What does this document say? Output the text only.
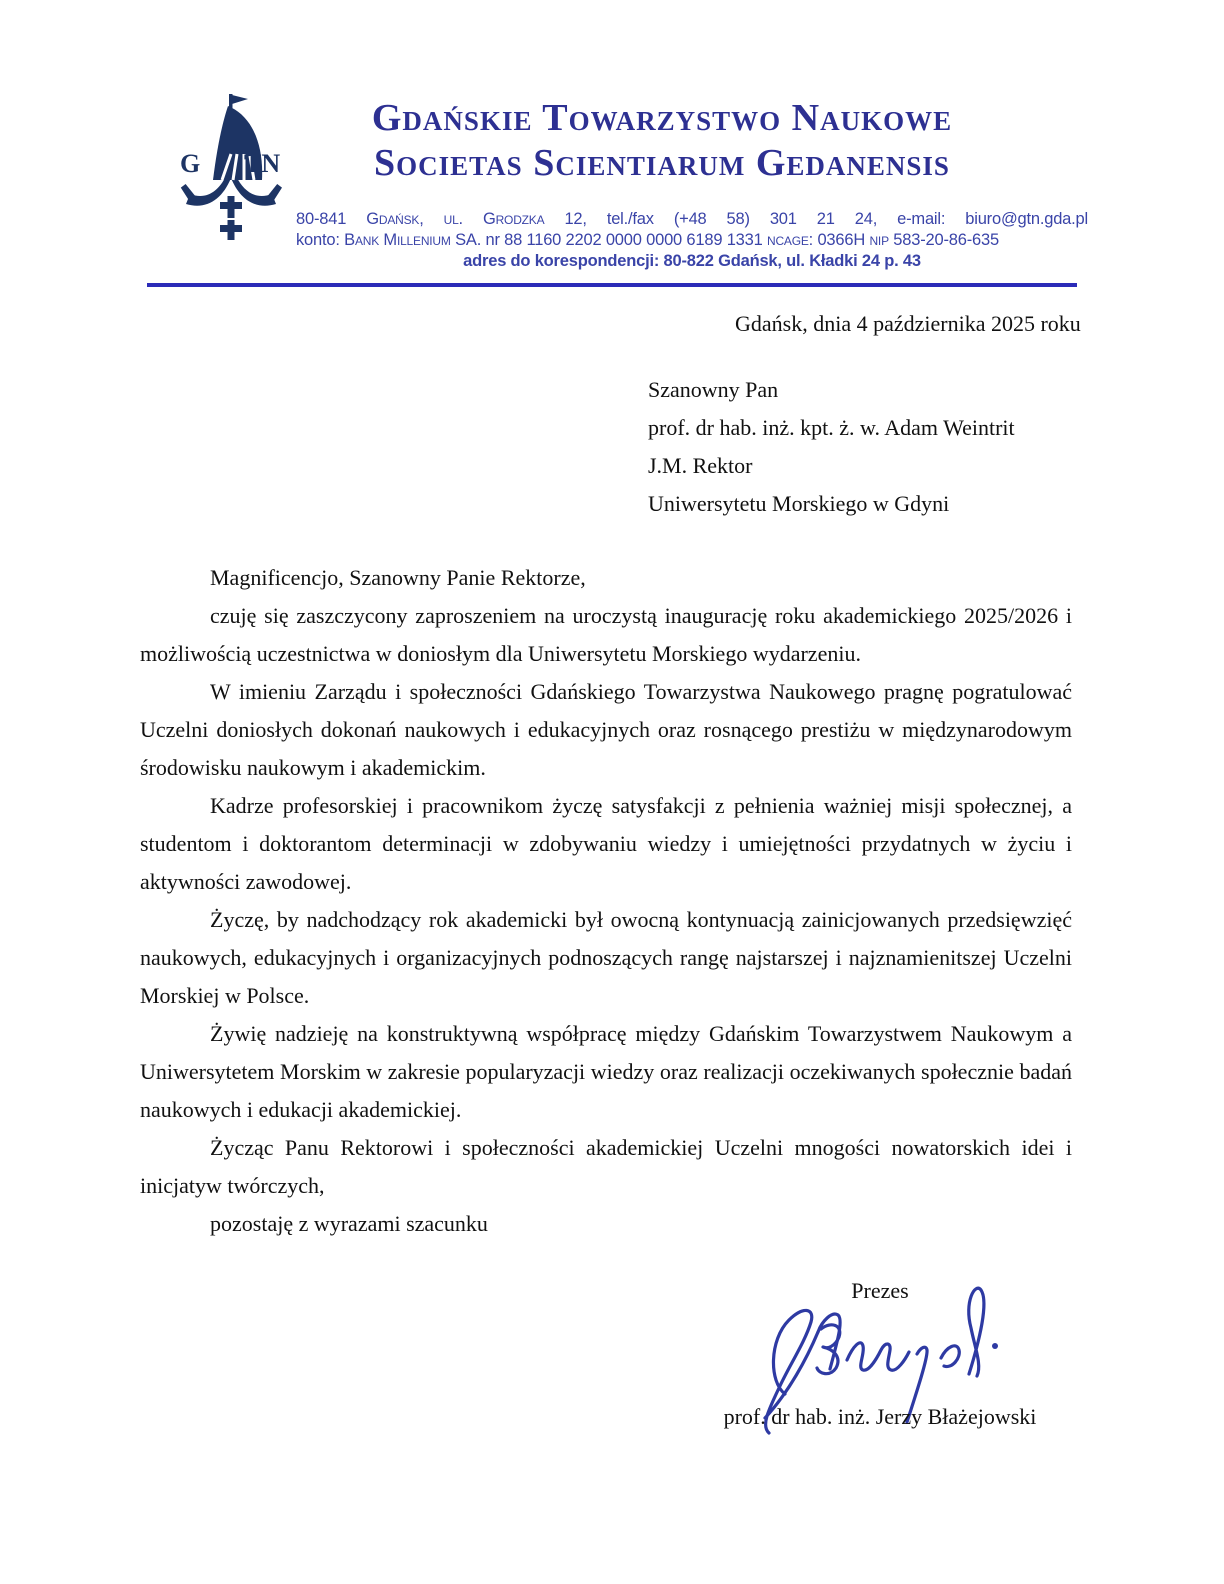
G TN
Gdańskie Towarzystwo Naukowe
Societas Scientiarum Gedanensis
80-841 Gdańsk, ul. Grodzka 12, tel./fax (+48 58) 301 21 24, e-mail: biuro@gtn.gda.pl
konto: Bank Millenium SA. nr 88 1160 2202 0000 0000 6189 1331 ncage: 0366H nip 583-20-86-635
adres do korespondencji: 80-822 Gdańsk, ul. Kładki 24 p. 43
Gdańsk, dnia 4 października 2025 roku
Szanowny Pan
prof. dr hab. inż. kpt. ż. w. Adam Weintrit
J.M. Rektor
Uniwersytetu Morskiego w Gdyni

Magnificencjo, Szanowny Panie Rektorze,

czuję się zaszczycony zaproszeniem na uroczystą inaugurację roku akademickiego 2025/2026 i możliwością uczestnictwa w doniosłym dla Uniwersytetu Morskiego wydarzeniu.

W imieniu Zarządu i społeczności Gdańskiego Towarzystwa Naukowego pragnę pogratulować Uczelni doniosłych dokonań naukowych i edukacyjnych oraz rosnącego prestiżu w międzynarodowym środowisku naukowym i akademickim.

Kadrze profesorskiej i pracownikom życzę satysfakcji z pełnienia ważniej misji społecznej, a studentom i doktorantom determinacji w zdobywaniu wiedzy i umiejętności przydatnych w życiu i aktywności zawodowej.

Życzę, by nadchodzący rok akademicki był owocną kontynuacją zainicjowanych przedsięwzięć naukowych, edukacyjnych i organizacyjnych podnoszących rangę najstarszej i najznamienitszej Uczelni Morskiej w Polsce.

Żywię nadzieję na konstruktywną współpracę między Gdańskim Towarzystwem Naukowym a Uniwersytetem Morskim w zakresie popularyzacji wiedzy oraz realizacji oczekiwanych społecznie badań naukowych i edukacji akademickiej.

Życząc Panu Rektorowi i społeczności akademickiej Uczelni mnogości nowatorskich idei i inicjatyw twórczych,

pozostaję z wyrazami szacunku

Prezes
prof. dr hab. inż. Jerzy Błażejowski
